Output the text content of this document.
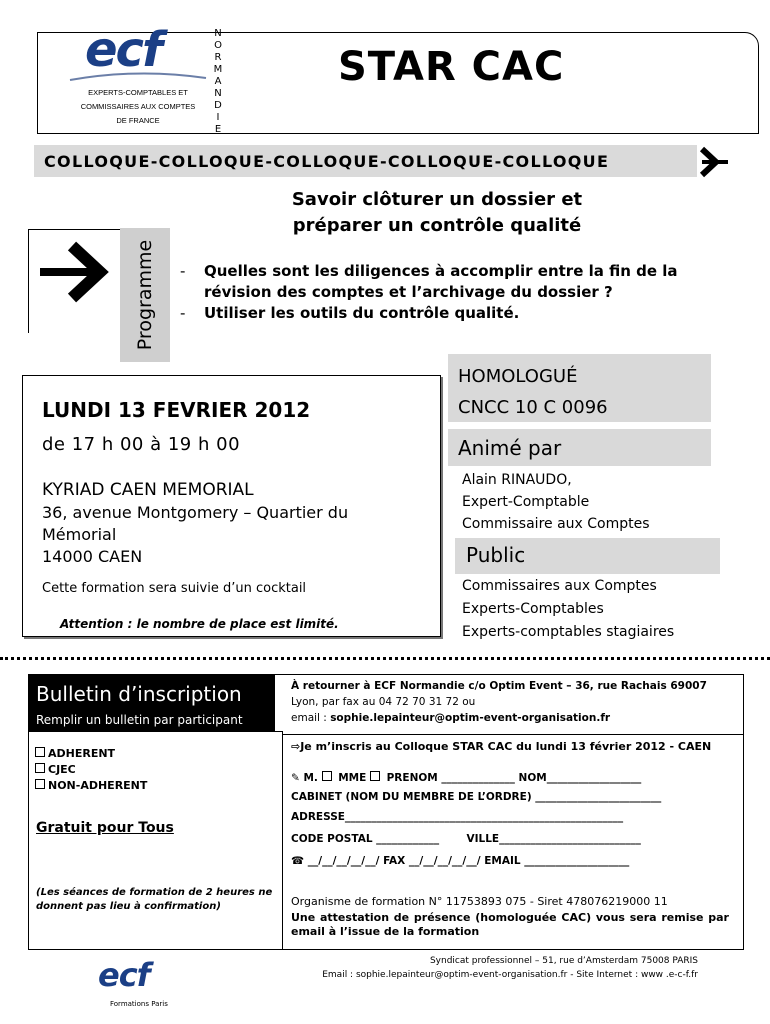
ecf
EXPERTS-COMPTABLES ET
COMMISSAIRES AUX COMPTES
DE FRANCE
N
O
R
M
A
N
D
I
E
STAR CAC
COLLOQUE-COLLOQUE-COLLOQUE-COLLOQUE-COLLOQUE
Savoir clôturer un dossier et
préparer un contrôle qualité
Programme -	Quelles sont les diligences à accomplir entre la fin de la révision des comptes et l’archivage du dossier ?
-	Utiliser les outils du contrôle qualité.
LUNDI 13 FEVRIER 2012
de 17 h 00 à 19 h 00
KYRIAD CAEN MEMORIAL
36, avenue Montgomery – Quartier du
Mémorial
14000 CAEN
Cette formation sera suivie d’un cocktail
Attention : le nombre de place est limité.
HOMOLOGUÉ
CNCC 10 C 0096
Animé par
Alain RINAUDO,
Expert-Comptable
Commissaire aux Comptes
Public
Commissaires aux Comptes
Experts-Comptables
Experts-comptables stagiaires
Bulletin d’inscription
Remplir un bulletin par participant
À retourner à ECF Normandie c/o Optim Event – 36, rue Rachais 69007
Lyon, par fax au 04 72 70 31 72 ou
email : sophie.lepainteur@optim-event-organisation.fr
ADHERENT
CJEC
NON-ADHERENT
Gratuit pour Tous
(Les séances de formation de 2 heures ne donnent pas lieu à confirmation)
⇨Je m’inscris au Colloque STAR CAC du lundi 13 février 2012 - CAEN
✎ M. MME PRENOM ______________ NOM__________________
CABINET (NOM DU MEMBRE DE L’ORDRE) ________________________
ADRESSE_____________________________________________________
CODE POSTAL ____________	VILLE___________________________
☎ __/__/__/__/__/ FAX __/__/__/__/__/ EMAIL ____________________
Organisme de formation N° 11753893 075 - Siret 478076219000 11
Une attestation de présence (homologuée CAC) vous sera remise par email à l’issue de la formation
ecf
Formations Paris
Syndicat professionnel – 51, rue d’Amsterdam 75008 PARIS
Email : sophie.lepainteur@optim-event-organisation.fr - Site Internet : www .e-c-f.fr
